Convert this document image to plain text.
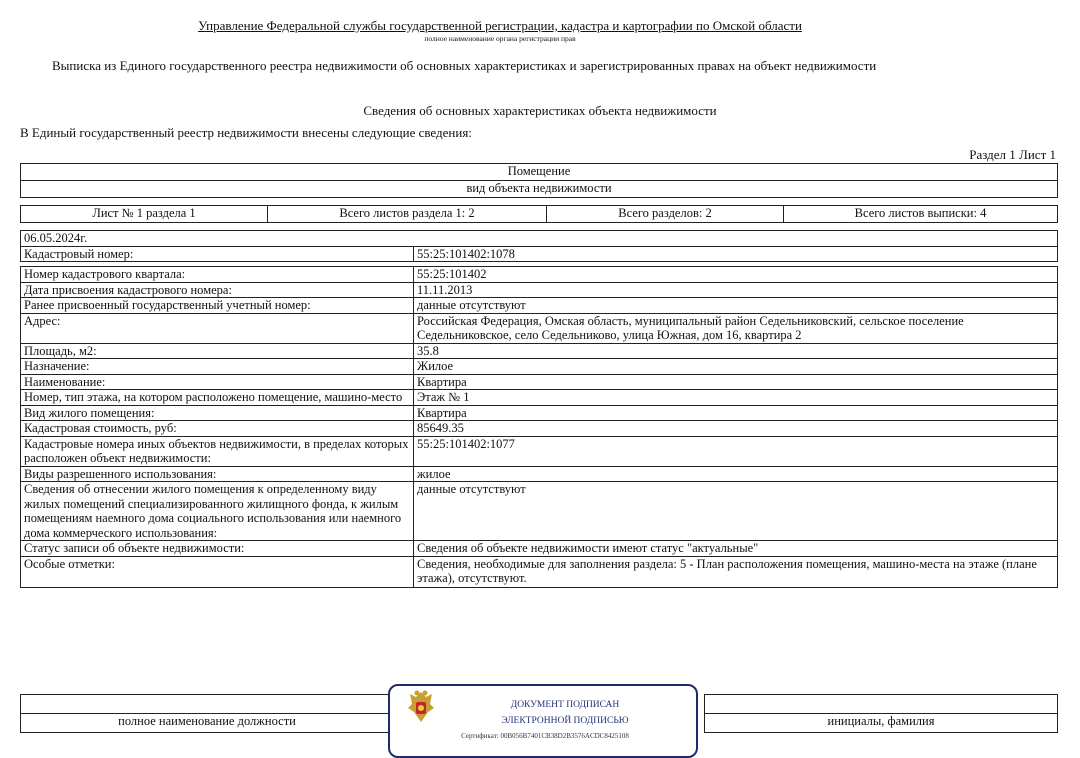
Управление Федеральной службы государственной регистрации, кадастра и картографии по Омской области
полное наименование органа регистрации прав
Выписка из Единого государственного реестра недвижимости об основных характеристиках и зарегистрированных правах на объект недвижимости
Сведения об основных характеристиках объекта недвижимости
В Единый государственный реестр недвижимости внесены следующие сведения:
Раздел 1 Лист 1
Помещение
вид объекта недвижимости
Лист № 1 раздела 1	Всего листов раздела 1: 2	Всего разделов: 2	Всего листов выписки: 4
06.05.2024г.	
Кадастровый номер:	55:25:101402:1078

Номер кадастрового квартала:	55:25:101402
Дата присвоения кадастрового номера:	11.11.2013
Ранее присвоенный государственный учетный номер:	данные отсутствуют
Адрес:	Российская Федерация, Омская область, муниципальный район Седельниковский, сельское поселение Седельниковское, село Седельниково, улица Южная, дом 16, квартира 2
Площадь, м2:	35.8
Назначение:	Жилое
Наименование:	Квартира
Номер, тип этажа, на котором расположено помещение, машино-место	Этаж № 1
Вид жилого помещения:	Квартира
Кадастровая стоимость, руб:	85649.35
Кадастровые номера иных объектов недвижимости, в пределах которых расположен объект недвижимости:	55:25:101402:1077
Виды разрешенного использования:	жилое
Сведения об отнесении жилого помещения к определенному виду жилых помещений специализированного жилищного фонда, к жилым помещениям наемного дома социального использования или наемного дома коммерческого использования:	данные отсутствуют
Статус записи об объекте недвижимости:	Сведения об объекте недвижимости имеют статус "актуальные"
Особые отметки:	Сведения, необходимые для заполнения раздела: 5 - План расположения помещения, машино-места на этаже (плане этажа), отсутствуют.

полное наименование должности		инициалы, фамилия
ДОКУМЕНТ ПОДПИСАН
ЭЛЕКТРОННОЙ ПОДПИСЬЮ
Сертификат: 00B056B7401CB38D2B3576ACDC8425108
